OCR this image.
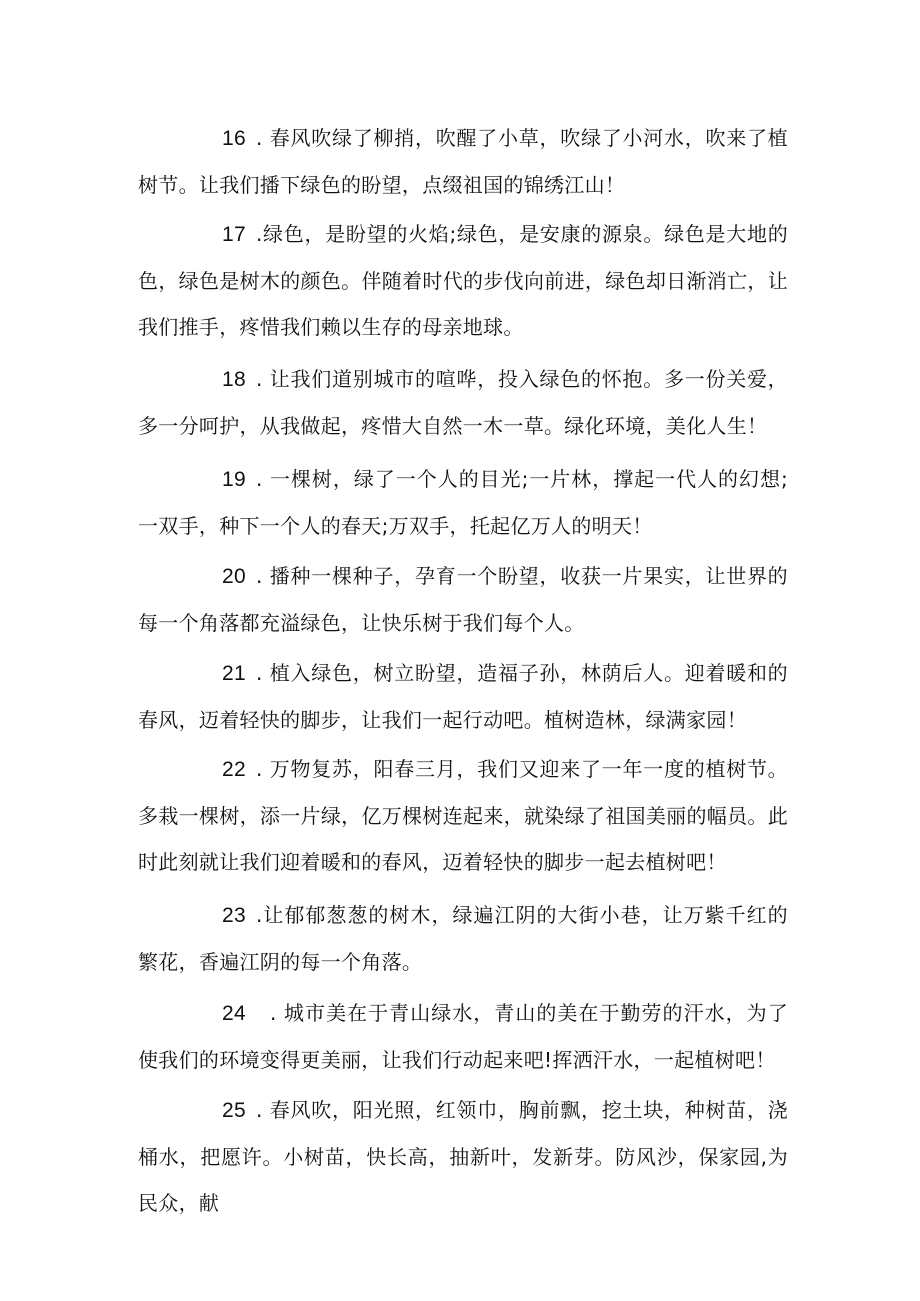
16 . 春风吹绿了柳捎，吹醒了小草，吹绿了小河水，吹来了植树节。让我们播下绿色的盼望，点缀祖国的锦绣江山！

17 .绿色，是盼望的火焰;绿色，是安康的源泉。绿色是大地的色，绿色是树木的颜色。伴随着时代的步伐向前进，绿色却日渐消亡，让我们推手，疼惜我们赖以生存的母亲地球。

18 . 让我们道别城市的喧哗，投入绿色的怀抱。多一份关爱，多一分呵护，从我做起，疼惜大自然一木一草。绿化环境，美化人生！

19 . 一棵树，绿了一个人的目光;一片林，撑起一代人的幻想;一双手，种下一个人的春天;万双手，托起亿万人的明天！

20 . 播种一棵种子，孕育一个盼望，收获一片果实，让世界的每一个角落都充溢绿色，让快乐树于我们每个人。

21 . 植入绿色，树立盼望，造福子孙，林荫后人。迎着暖和的春风，迈着轻快的脚步，让我们一起行动吧。植树造林，绿满家园！

22 . 万物复苏，阳春三月，我们又迎来了一年一度的植树节。多栽一棵树，添一片绿，亿万棵树连起来，就染绿了祖国美丽的幅员。此时此刻就让我们迎着暖和的春风，迈着轻快的脚步一起去植树吧！

23 .让郁郁葱葱的树木，绿遍江阴的大街小巷，让万紫千红的繁花，香遍江阴的每一个角落。

24 . 城市美在于青山绿水，青山的美在于勤劳的汗水，为了使我们的环境变得更美丽，让我们行动起来吧!挥洒汗水，一起植树吧！

25 . 春风吹，阳光照，红领巾，胸前飘，挖土块，种树苗，浇桶水，把愿许。小树苗，快长高，抽新叶，发新芽。防风沙，保家园,为民众，献
